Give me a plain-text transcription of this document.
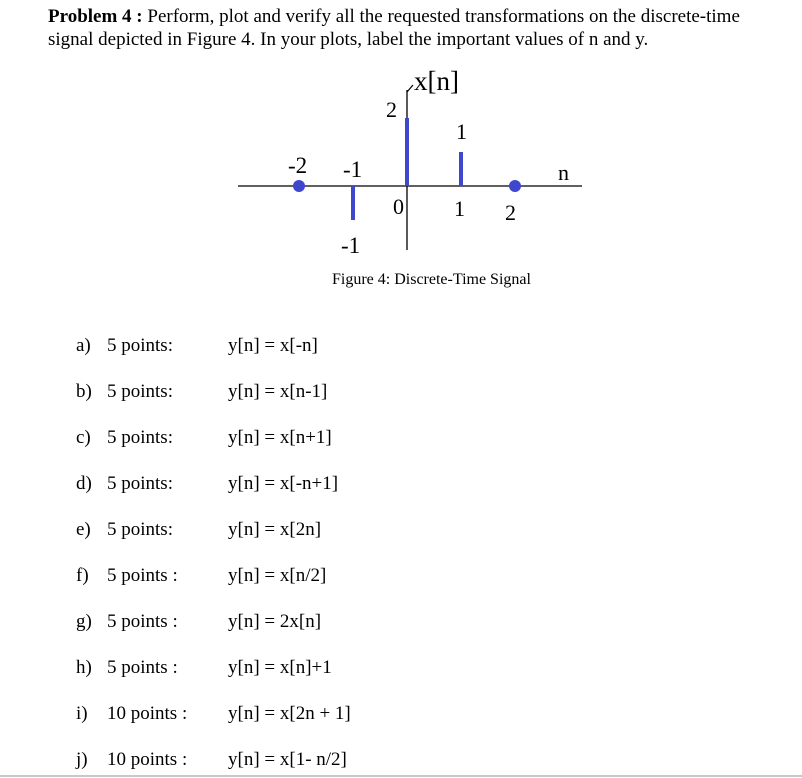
Problem 4 : Perform, plot and verify all the requested transformations on the discrete-time signal depicted in Figure 4. In your plots, label the important values of n and y.
x[n]
n
-2 -1
0 1 2
2
1
-1
Figure 4: Discrete-Time Signal
a) 5 points:	y[n] = x[-n]
b) 5 points:	y[n] = x[n-1]
c) 5 points:	y[n] = x[n+1]
d) 5 points:	y[n] = x[-n+1]
e) 5 points:	y[n] = x[2n]
f) 5 points :	y[n] = x[n/2]
g) 5 points :	y[n] = 2x[n]
h) 5 points :	y[n] = x[n]+1
i) 10 points : y[n] = x[2n + 1]
j) 10 points : y[n] = x[1- n/2]
